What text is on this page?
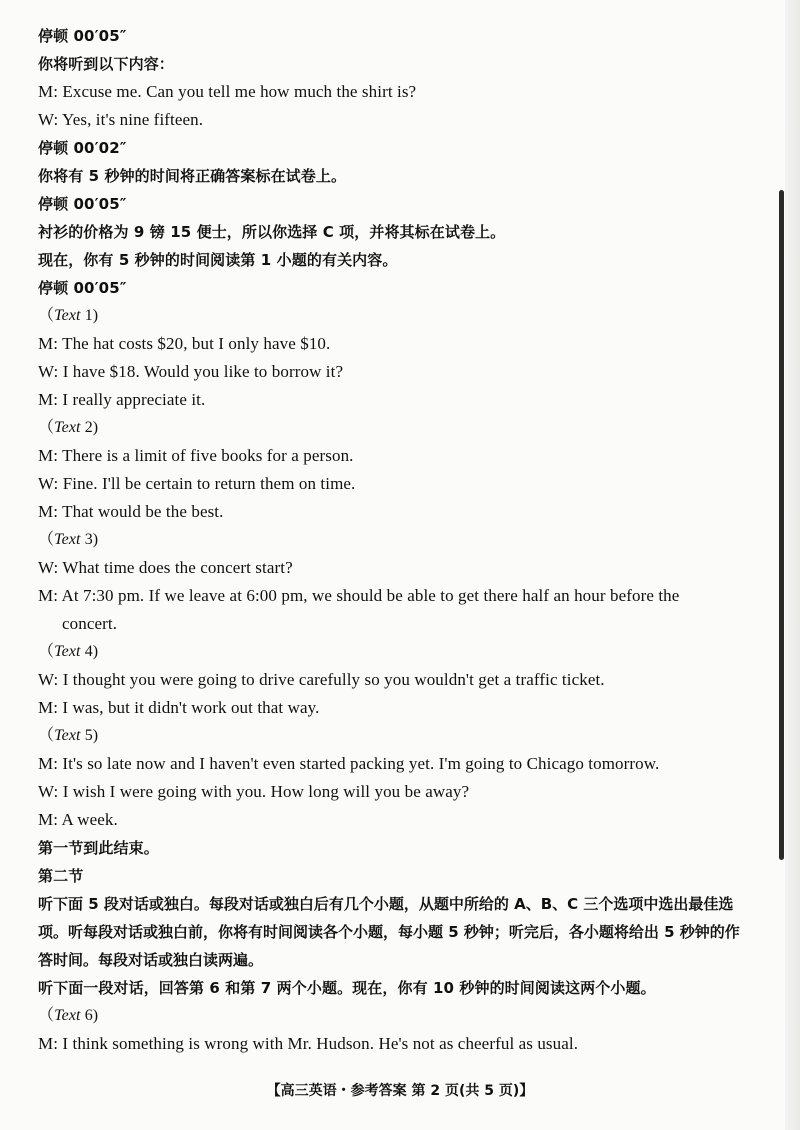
停顿 00′05″
你将听到以下内容：
M: Excuse me. Can you tell me how much the shirt is?
W: Yes, it's nine fifteen.
停顿 00′02″
你将有 5 秒钟的时间将正确答案标在试卷上。
停顿 00′05″
衬衫的价格为 9 镑 15 便士，所以你选择 C 项，并将其标在试卷上。
现在，你有 5 秒钟的时间阅读第 1 小题的有关内容。
停顿 00′05″
（Text 1)
M: The hat costs $20, but I only have $10.
W: I have $18. Would you like to borrow it?
M: I really appreciate it.
（Text 2)
M: There is a limit of five books for a person.
W: Fine. I'll be certain to return them on time.
M: That would be the best.
（Text 3)
W: What time does the concert start?
M: At 7:30 pm. If we leave at 6:00 pm, we should be able to get there half an hour before the
concert.
（Text 4)
W: I thought you were going to drive carefully so you wouldn't get a traffic ticket.
M: I was, but it didn't work out that way.
（Text 5)
M: It's so late now and I haven't even started packing yet. I'm going to Chicago tomorrow.
W: I wish I were going with you. How long will you be away?
M: A week.
第一节到此结束。
第二节
听下面 5 段对话或独白。每段对话或独白后有几个小题，从题中所给的 A、B、C 三个选项中选出最佳选项。听每段对话或独白前，你将有时间阅读各个小题，每小题 5 秒钟；听完后，各小题将给出 5 秒钟的作答时间。每段对话或独白读两遍。
听下面一段对话，回答第 6 和第 7 两个小题。现在，你有 10 秒钟的时间阅读这两个小题。
（Text 6)
M: I think something is wrong with Mr. Hudson. He's not as cheerful as usual.
【高三英语・参考答案 第 2 页(共 5 页)】
